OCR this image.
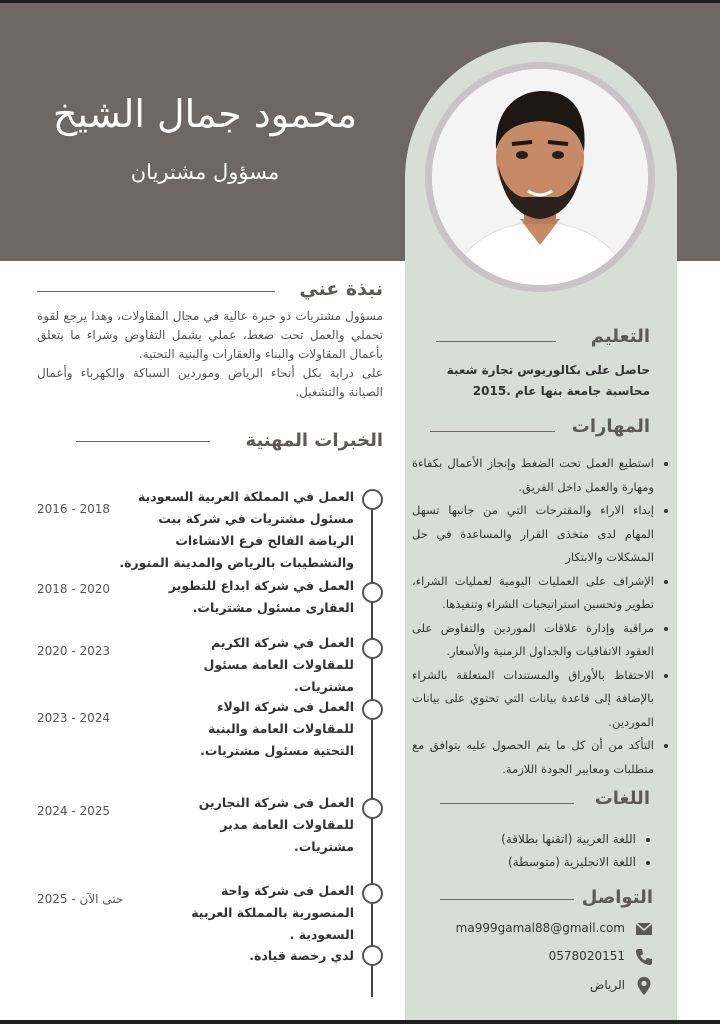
محمود جمال الشيخ
مسؤول مشتريان
نبذة عني

مسؤول مشتريات ذو خبرة عالية في مجال المقاولات، وهذا يرجع لقوة تحملي والعمل تحت ضغط، عملي يشمل التفاوض وشراء ما يتعلق بأعمال المقاولات والبناء والعقارات والبنية التحتية.

على دراية بكل أنحاء الرياض وموردين السباكة والكهرباء وأعمال الصيانة والتشغيل.

الخبرات المهنية
العمل في المملكة العربية السعودية مسئول مشتريات في شركة بيت الرياضة الفالح فرع الانشاءات والتشطيبات بالرياض والمدينة المنورة.
2016 - 2018
العمل في شركة ابداع للتطوير العقارى مسئول مشتريات.
2018 - 2020
العمل في شركة الكريم للمقاولات العامة مسئول مشتريات.
2020 - 2023
العمل فى شركة الولاء للمقاولات العامة والبنية التحتية مسئول مشتريات.
2023 - 2024
العمل فى شركة النجارين للمقاولات العامة مدير مشتريات.
2024 - 2025
العمل فى شركة واحة المنصورية بالمملكة العربية السعودية .
حتى الآن - 2025
لدي رخصة قيادة.
التعليم
حاصل على بكالوريوس تجارة شعبة محاسبة جامعة بنها عام .2015
المهارات
• استطيع العمل تحت الضغط وإنجاز الأعمال بكفاءة ومهارة والعمل داخل الفريق.
• إبداء الاراء والمقترحات التي من جانبها تسهل المهام لدى متخذى القرار والمساعدة في حل المشكلات والابتكار
• الإشراف على العمليات اليومية لعمليات الشراء، تطوير وتحسين استراتيجيات الشراء وتنفيذها.
• مراقبة وإدارة علاقات الموردين والتفاوض على العقود الاتفاقيات والجداول الزمنية والأسعار.
• الاحتفاظ بالأوراق والمستندات المتعلقة بالشراء بالإضافة إلى قاعدة بيانات التي تحتوي على بيانات الموردين.
• التأكد من أن كل ما يتم الحصول عليه يتوافق مع متطلبات ومعايير الجودة اللازمة.
اللغات
• اللغة العربية (اتقنها بطلاقة)
• اللغة الانجليزية (متوسطة)
التواصل
ma999gamal88@gmail.com
0578020151
الرياض
